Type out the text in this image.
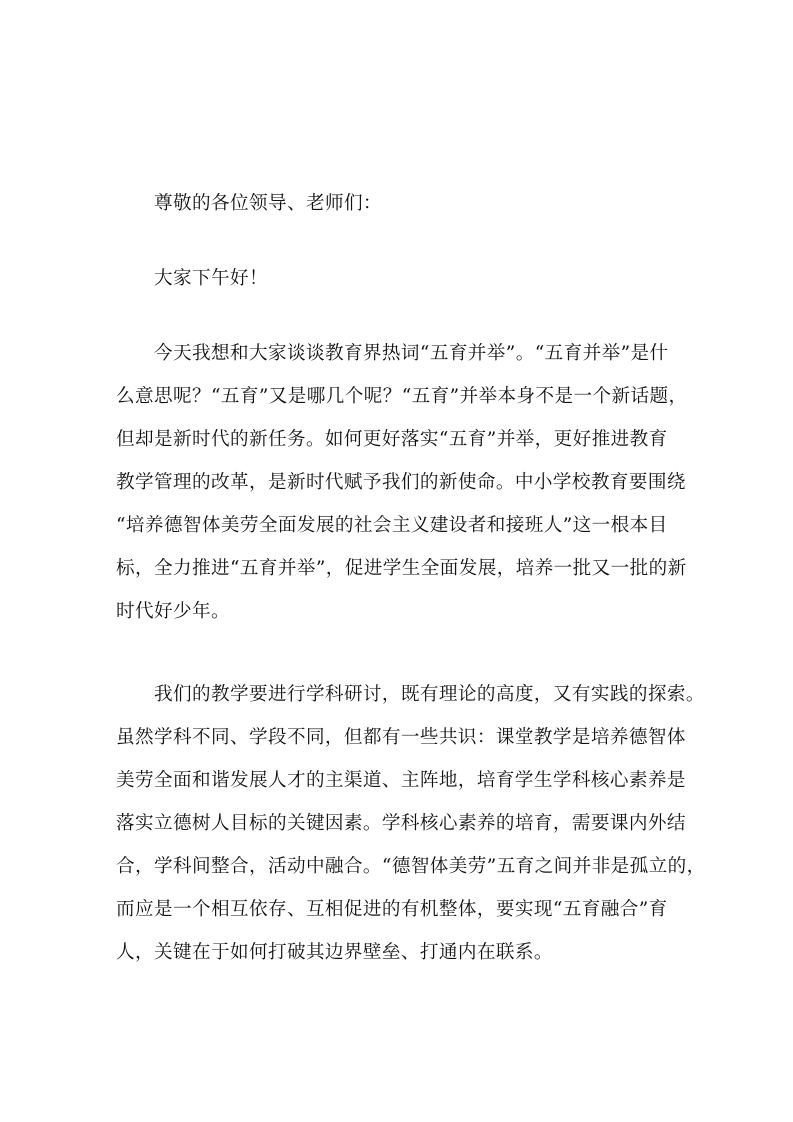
尊敬的各位领导、老师们：

大家下午好！

今天我想和大家谈谈教育界热词“五育并举”。“五育并举”是什
么意思呢？“五育”又是哪几个呢？“五育”并举本身不是一个新话题，
但却是新时代的新任务。如何更好落实“五育”并举，更好推进教育
教学管理的改革，是新时代赋予我们的新使命。中小学校教育要围绕
“培养德智体美劳全面发展的社会主义建设者和接班人”这一根本目
标，全力推进“五育并举”，促进学生全面发展，培养一批又一批的新
时代好少年。

我们的教学要进行学科研讨，既有理论的高度，又有实践的探索。
虽然学科不同、学段不同，但都有一些共识：课堂教学是培养德智体
美劳全面和谐发展人才的主渠道、主阵地，培育学生学科核心素养是
落实立德树人目标的关键因素。学科核心素养的培育，需要课内外结
合，学科间整合，活动中融合。“德智体美劳”五育之间并非是孤立的，
而应是一个相互依存、互相促进的有机整体，要实现“五育融合”育
人，关键在于如何打破其边界壁垒、打通内在联系。
